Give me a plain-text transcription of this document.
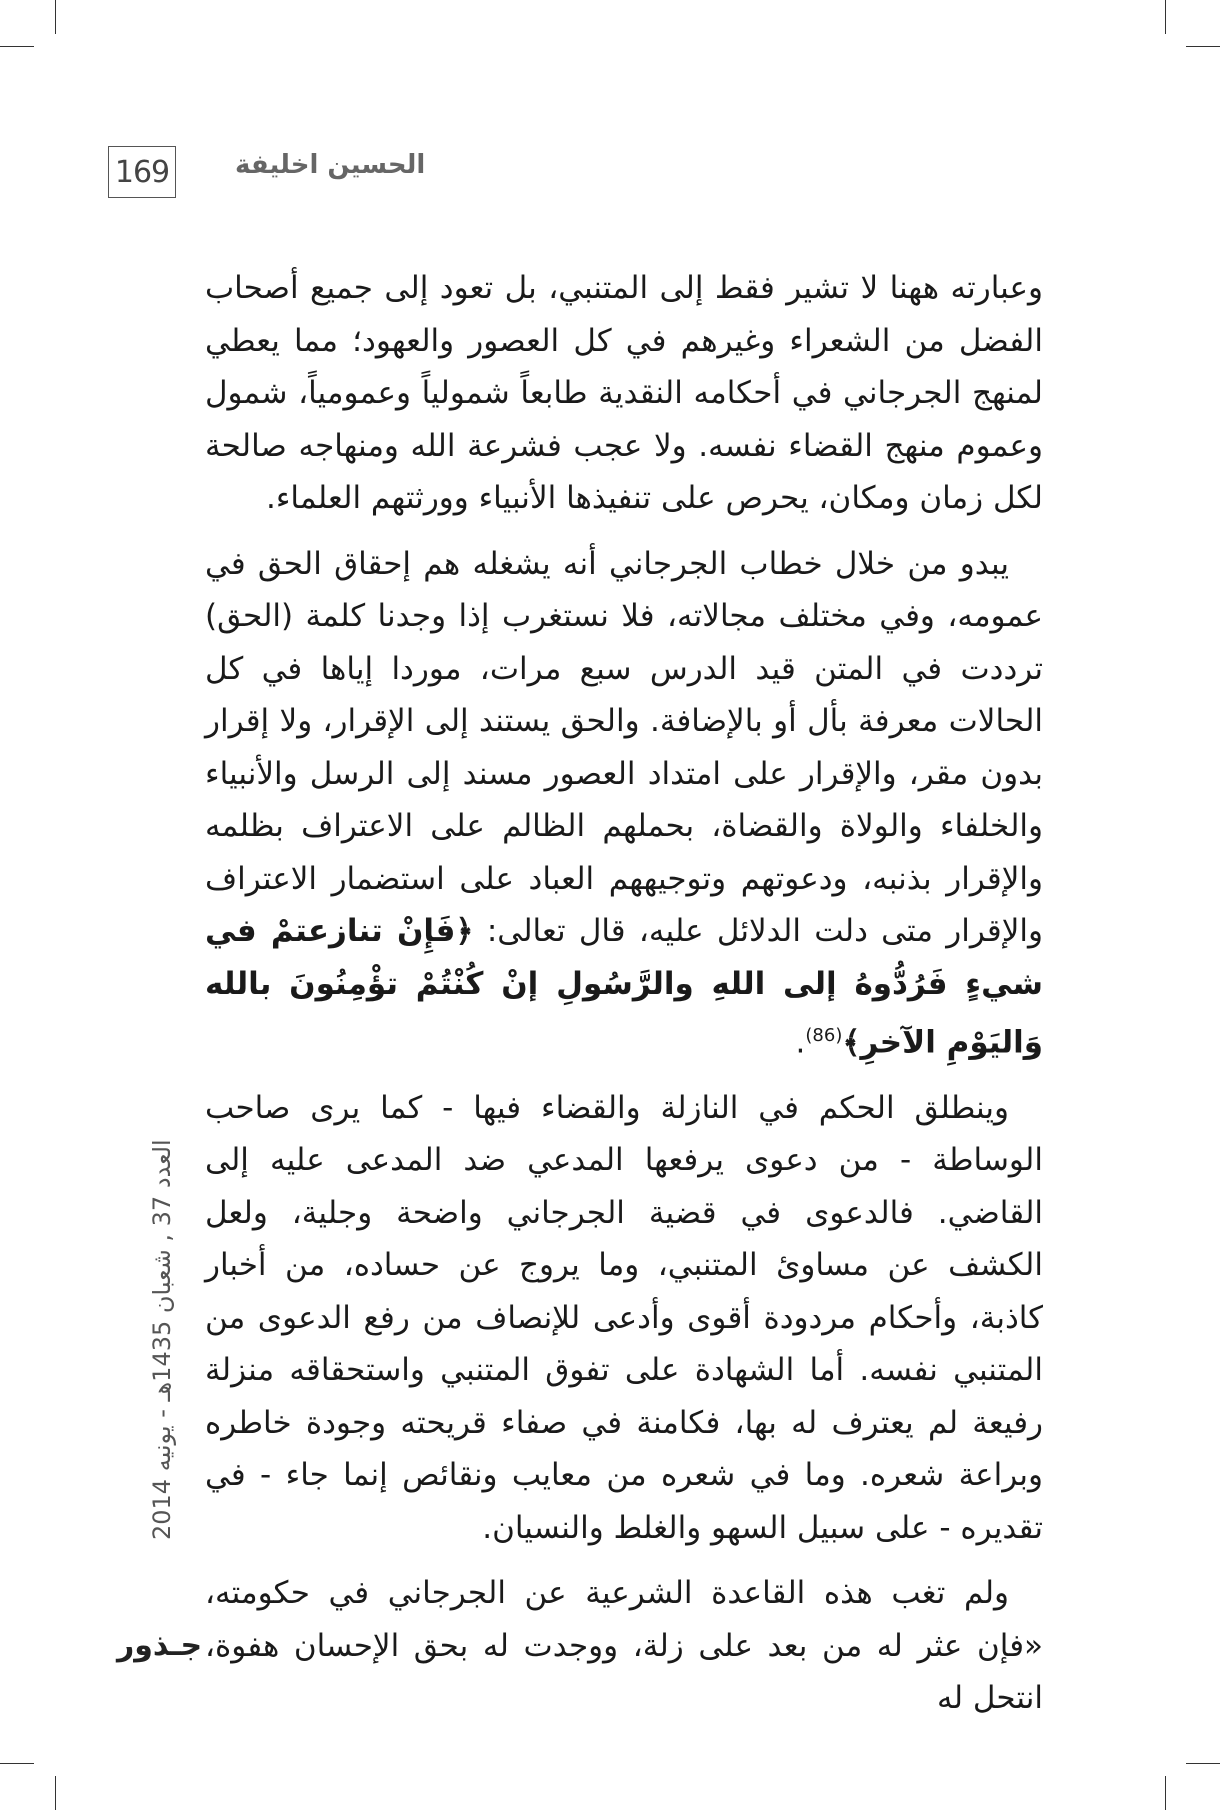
169	الحسين اخليفة

وعبارته ههنا لا تشير فقط إلى المتنبي، بل تعود إلى جميع أصحاب الفضل من الشعراء وغيرهم في كل العصور والعهود؛ مما يعطي لمنهج الجرجاني في أحكامه النقدية طابعاً شمولياً وعمومياً، شمول وعموم منهج القضاء نفسه. ولا عجب فشرعة الله ومنهاجه صالحة لكل زمان ومكان، يحرص على تنفيذها الأنبياء وورثتهم العلماء.

يبدو من خلال خطاب الجرجاني أنه يشغله هم إحقاق الحق في عمومه، وفي مختلف مجالاته، فلا نستغرب إذا وجدنا كلمة (الحق) ترددت في المتن قيد الدرس سبع مرات، موردا إياها في كل الحالات معرفة بأل أو بالإضافة. والحق يستند إلى الإقرار، ولا إقرار بدون مقر، والإقرار على امتداد العصور مسند إلى الرسل والأنبياء والخلفاء والولاة والقضاة، بحملهم الظالم على الاعتراف بظلمه والإقرار بذنبه، ودعوتهم وتوجيههم العباد على استضمار الاعتراف والإقرار متى دلت الدلائل عليه، قال تعالى: ﴿فَإِنْ تنازعتمْ في شيءٍ فَرُدُّوهُ إلى اللهِ والرَّسُولِ إنْ كُنْتُمْ تؤْمِنُونَ بالله وَاليَوْمِ الآخرِ﴾$^{(86)}$.

وينطلق الحكم في النازلة والقضاء فيها - كما يرى صاحب الوساطة - من دعوى يرفعها المدعي ضد المدعى عليه إلى القاضي. فالدعوى في قضية الجرجاني واضحة وجلية، ولعل الكشف عن مساوئ المتنبي، وما يروج عن حساده، من أخبار كاذبة، وأحكام مردودة أقوى وأدعى للإنصاف من رفع الدعوى من المتنبي نفسه. أما الشهادة على تفوق المتنبي واستحقاقه منزلة رفيعة لم يعترف له بها، فكامنة في صفاء قريحته وجودة خاطره وبراعة شعره. وما في شعره من معايب ونقائص إنما جاء - في تقديره - على سبيل السهو والغلط والنسيان.

ولم تغب هذه القاعدة الشرعية عن الجرجاني في حكومته، «فإن عثر له من بعد على زلة، ووجدت له بحق الإحسان هفوة، انتحل له

العدد 37 , شعبان 1435هـ - يونيه 2014
جـذور
